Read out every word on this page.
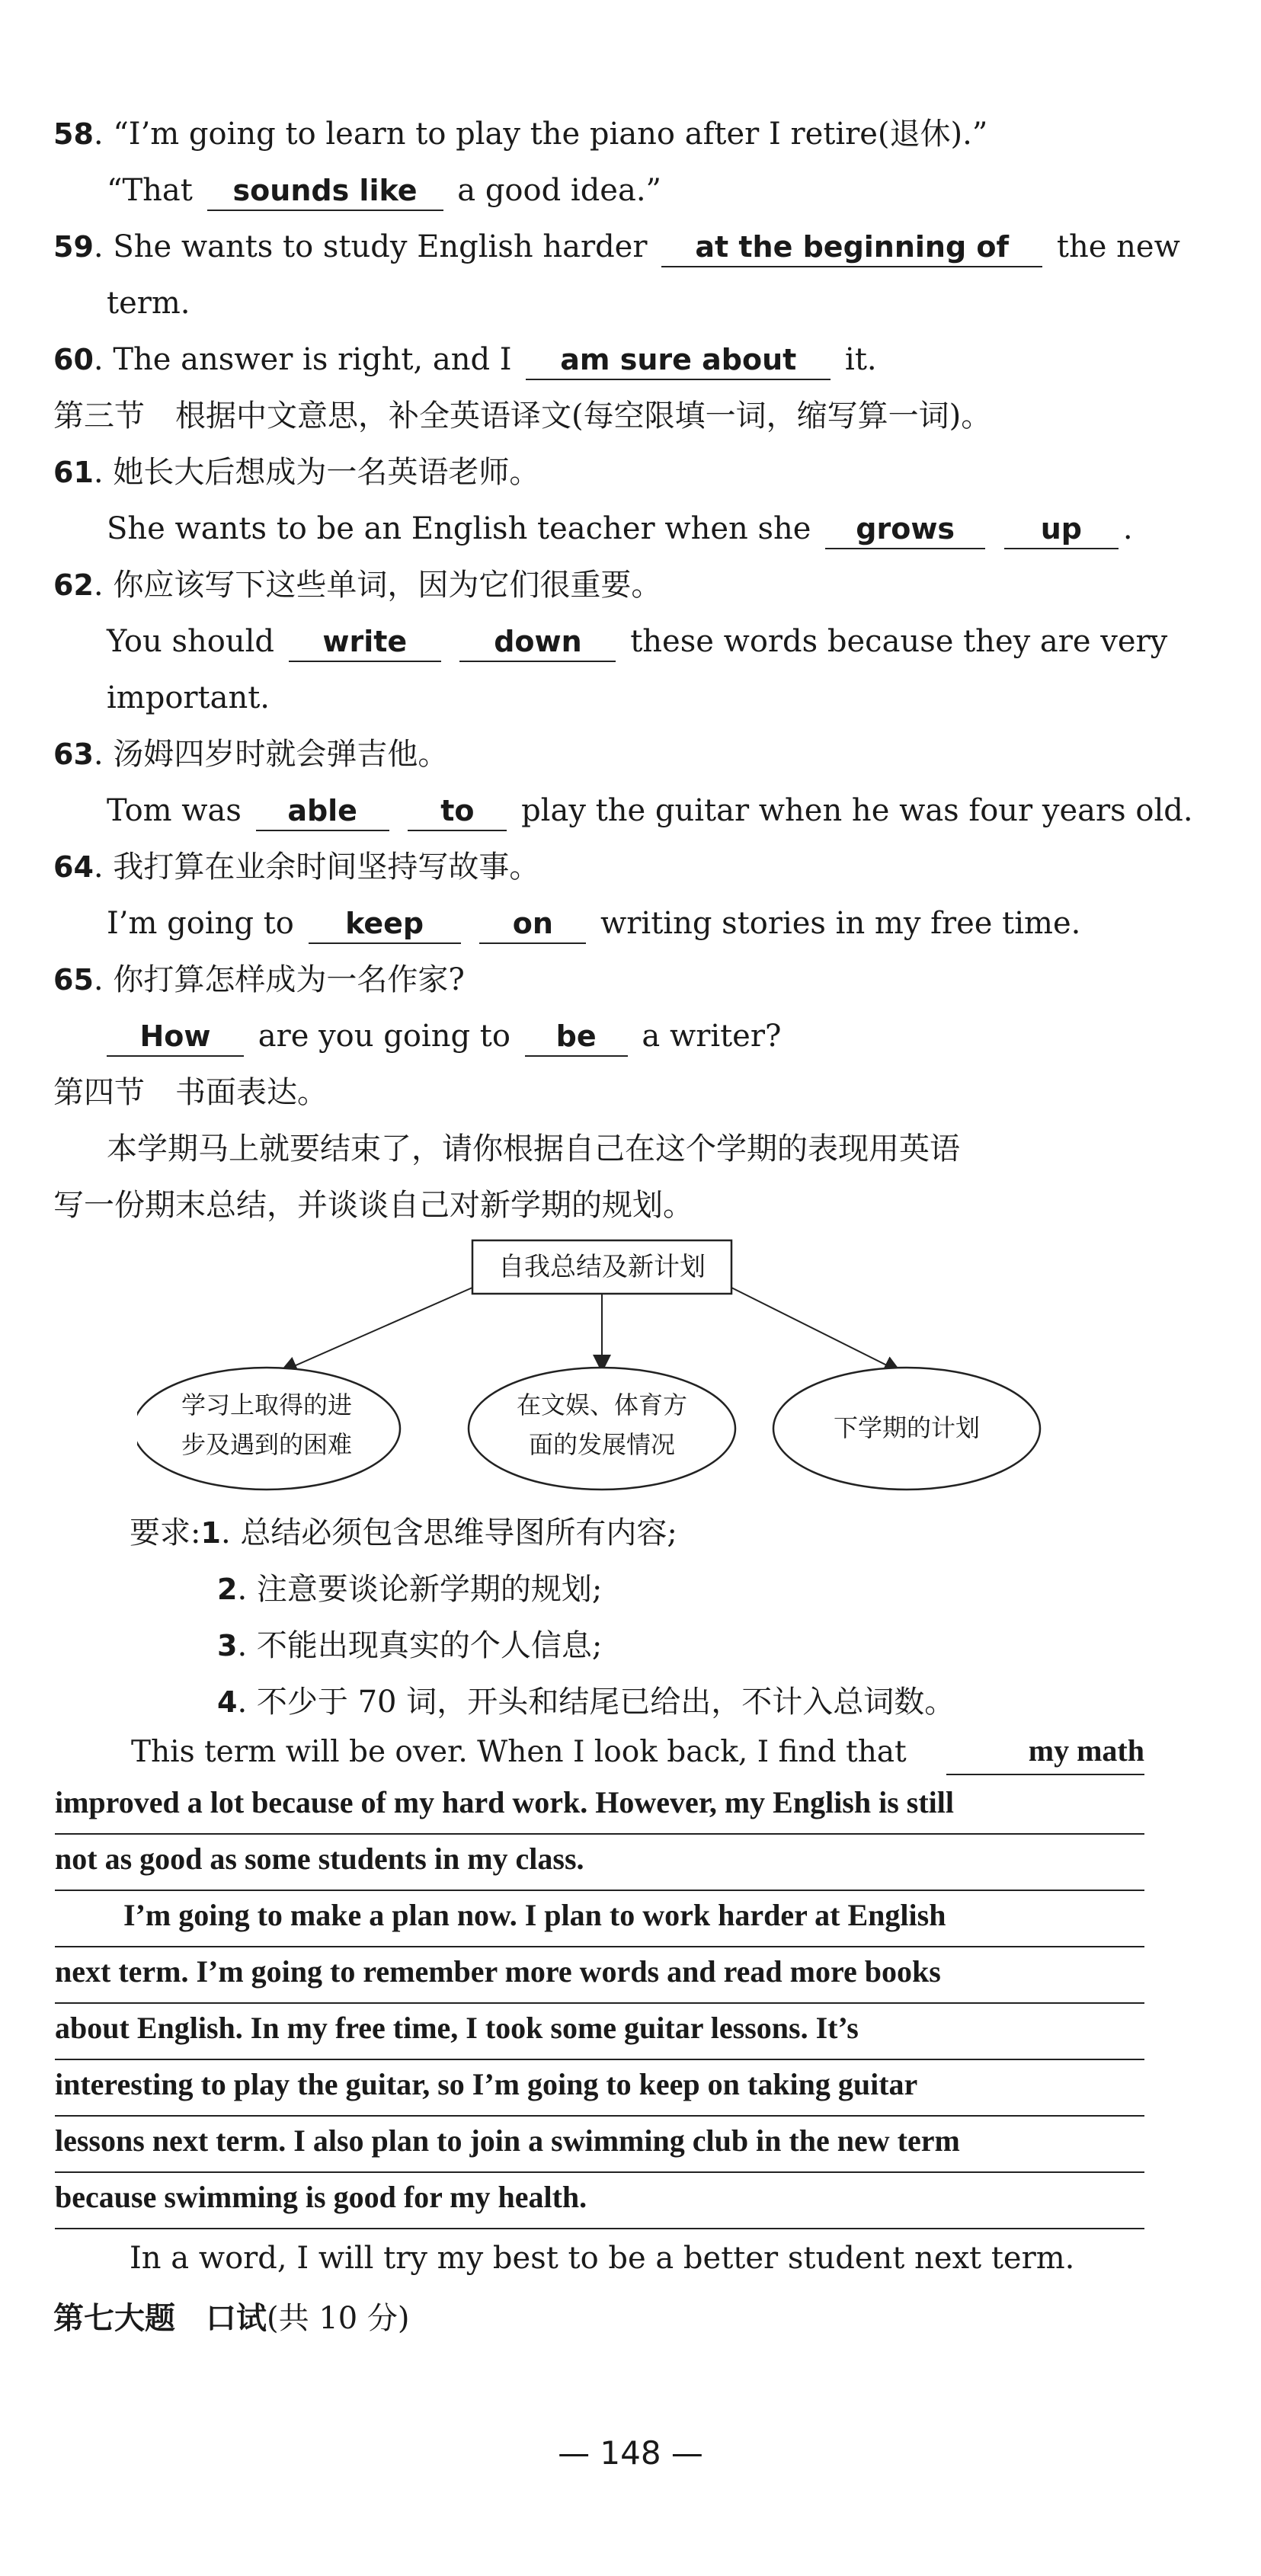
58. “I’m going to learn to play the piano after I retire(退休).”
“That sounds like a good idea.”
59. She wants to study English harder at the beginning of the new
term.
60. The answer is right, and I am sure about it.
第三节　根据中文意思，补全英语译文(每空限填一词，缩写算一词)。
61. 她长大后想成为一名英语老师。
She wants to be an English teacher when she grows	up .
62. 你应该写下这些单词，因为它们很重要。
You should write	down these words because they are very
important.
63. 汤姆四岁时就会弹吉他。
Tom was able	to play the guitar when he was four years old.
64. 我打算在业余时间坚持写故事。
I’m going to keep	on writing stories in my free time.
65. 你打算怎样成为一名作家?
How are you going to be a writer?
第四节　书面表达。
本学期马上就要结束了，请你根据自己在这个学期的表现用英语
写一份期末总结，并谈谈自己对新学期的规划。
自我总结及新计划
学习上取得的进
步及遇到的困难
在文娱、体育方
面的发展情况
下学期的计划
要求:1. 总结必须包含思维导图所有内容;
2. 注意要谈论新学期的规划;
3. 不能出现真实的个人信息;
4. 不少于 70 词，开头和结尾已给出，不计入总词数。
This term will be over. When I look back, I find that	my math
improved a lot because of my hard work. However, my English is still
not as good as some students in my class.
I’m going to make a plan now. I plan to work harder at English
next term. I’m going to remember more words and read more books
about English. In my free time, I took some guitar lessons. It’s
interesting to play the guitar, so I’m going to keep on taking guitar
lessons next term. I also plan to join a swimming club in the new term
because swimming is good for my health.
In a word, I will try my best to be a better student next term.
第七大题　口试(共 10 分)
— 148 —
